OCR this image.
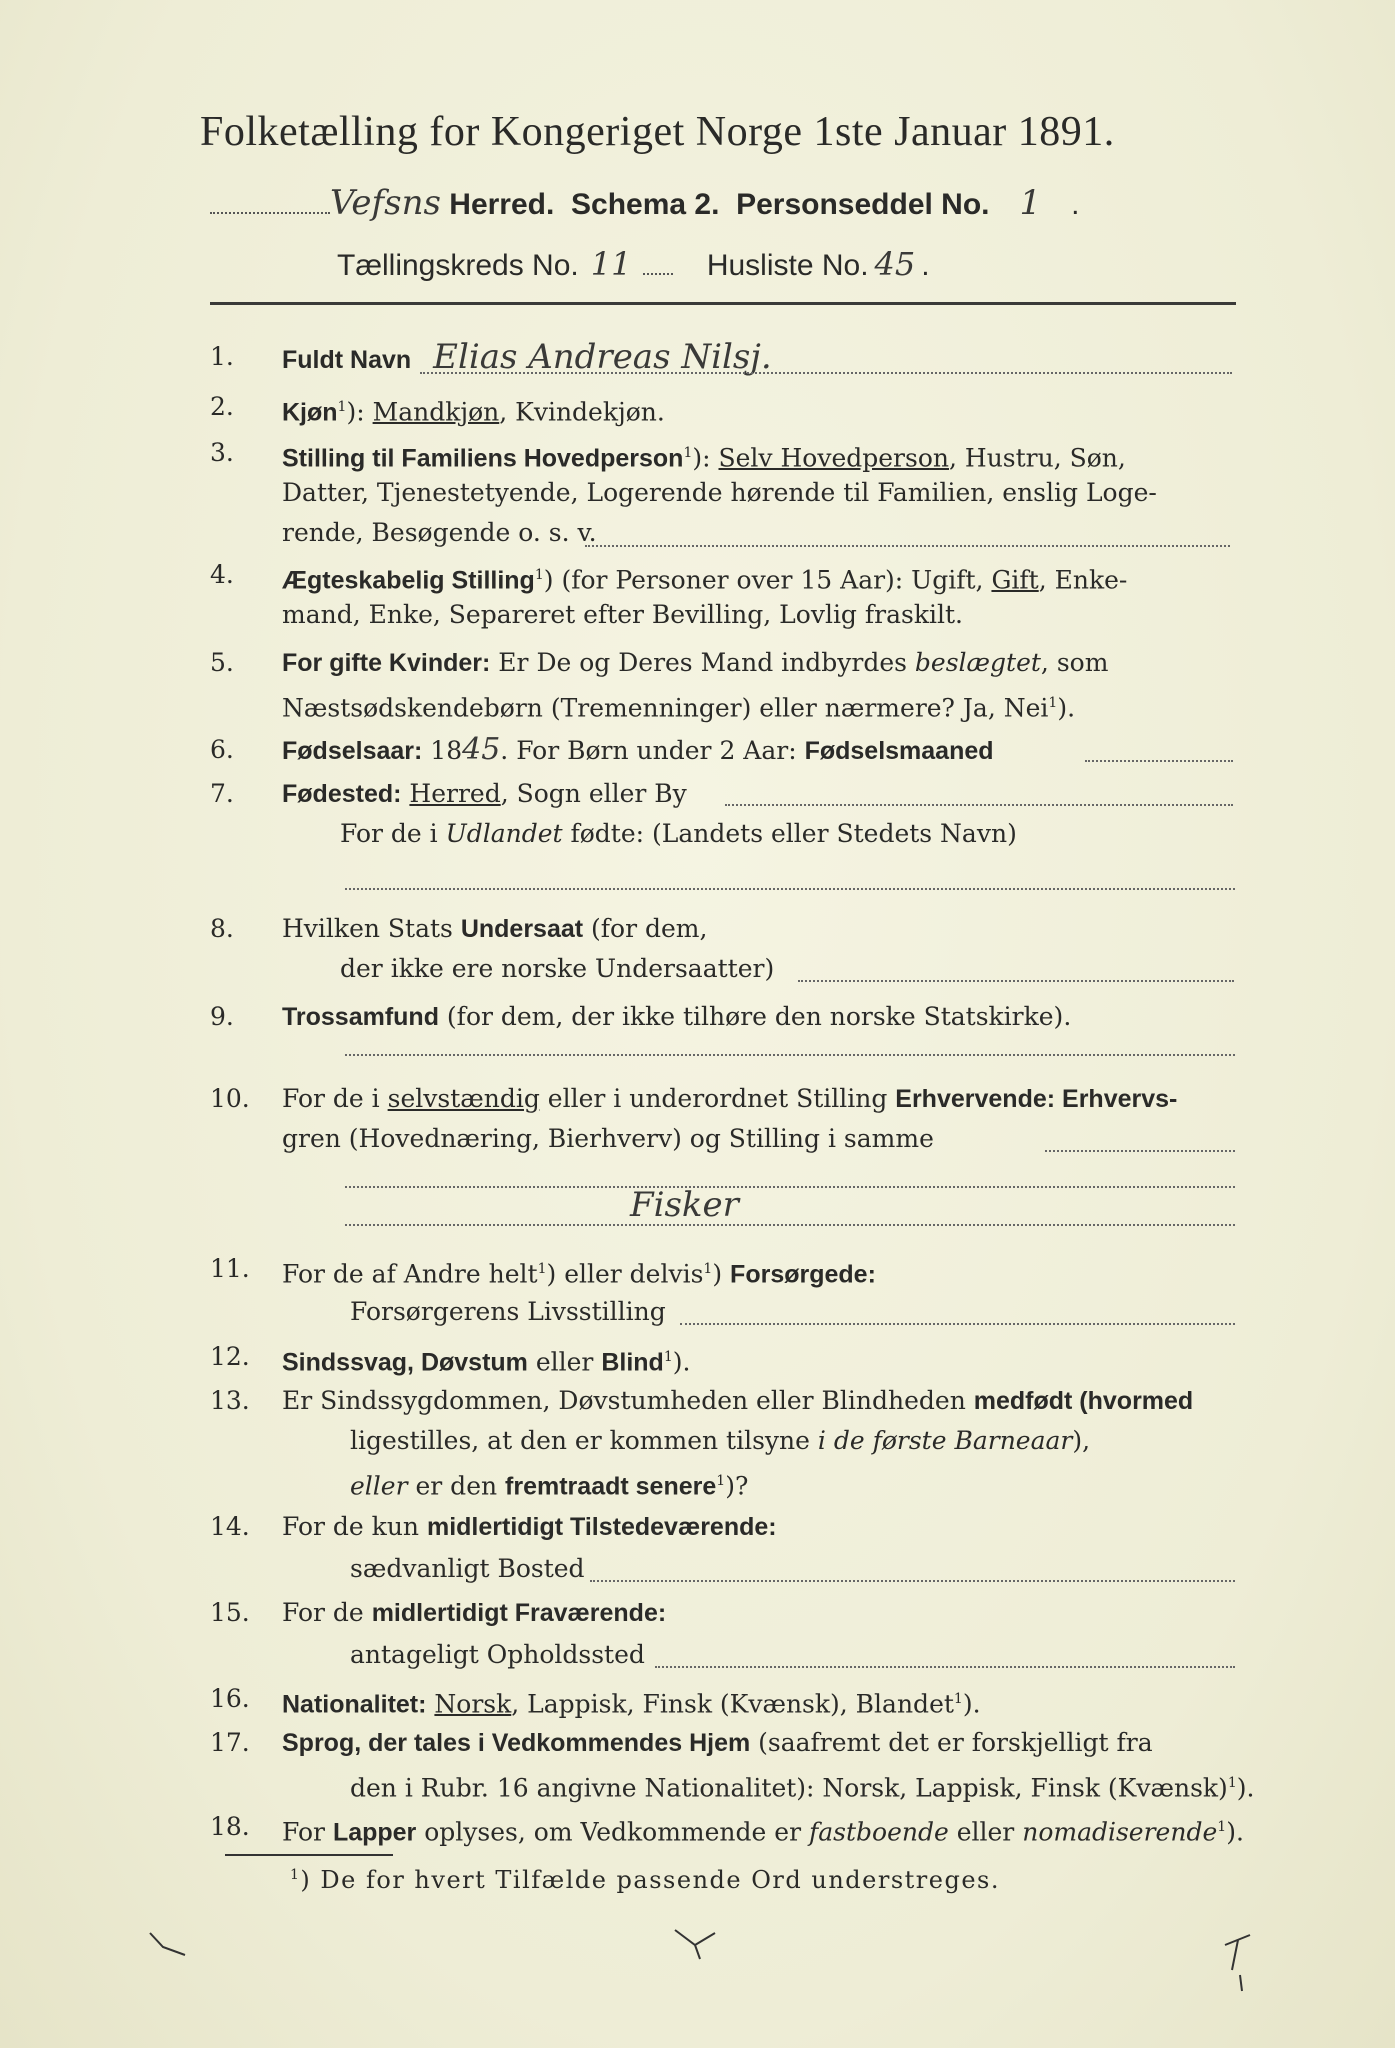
Folketælling for Kongeriget Norge 1ste Januar 1891.
Vefsns Herred. Schema 2. Personseddel No. 1 .
Tællingskreds No. 11	Husliste No. 45 .
1.	Fuldt Navn Elias Andreas Nilsj.
2.	Kjøn$^1$): Mandkjøn, Kvindekjøn.
3.	Stilling til Familiens Hovedperson$^1$): Selv Hovedperson, Hustru, Søn,
Datter, Tjenestetyende, Logerende hørende til Familien, enslig Loge-
rende, Besøgende o. s. v.
4.	Ægteskabelig Stilling$^1$) (for Personer over 15 Aar): Ugift, Gift, Enke-
mand, Enke, Separeret efter Bevilling, Lovlig fraskilt.
5.	For gifte Kvinder: Er De og Deres Mand indbyrdes beslægtet, som
Næstsødskendebørn (Tremenninger) eller nærmere? Ja, Nei$^1$).
6.	Fødselsaar: 1845. For Børn under 2 Aar: Fødselsmaaned
7.	Fødested: Herred, Sogn eller By
For de i Udlandet fødte: (Landets eller Stedets Navn)
8.	Hvilken Stats Undersaat (for dem,
der ikke ere norske Undersaatter)
9.	Trossamfund (for dem, der ikke tilhøre den norske Statskirke).
10.	For de i selvstændig eller i underordnet Stilling Erhvervende: Erhvervs-
gren (Hovednæring, Bierhverv) og Stilling i samme
Fisker
11.	For de af Andre helt$^1$) eller delvis$^1$) Forsørgede:
Forsørgerens Livsstilling
12.	Sindssvag, Døvstum eller Blind$^1$).
13.	Er Sindssygdommen, Døvstumheden eller Blindheden medfødt (hvormed
ligestilles, at den er kommen tilsyne i de første Barneaar),
eller er den fremtraadt senere$^1$)?
14.	For de kun midlertidigt Tilstedeværende:
sædvanligt Bosted
15.	For de midlertidigt Fraværende:
antageligt Opholdssted
16.	Nationalitet: Norsk, Lappisk, Finsk (Kvænsk), Blandet$^1$).
17.	Sprog, der tales i Vedkommendes Hjem (saafremt det er forskjelligt fra
den i Rubr. 16 angivne Nationalitet): Norsk, Lappisk, Finsk (Kvænsk)$^1$).
18.	For Lapper oplyses, om Vedkommende er fastboende eller nomadiserende$^1$).
$^1$) De for hvert Tilfælde passende Ord understreges.
